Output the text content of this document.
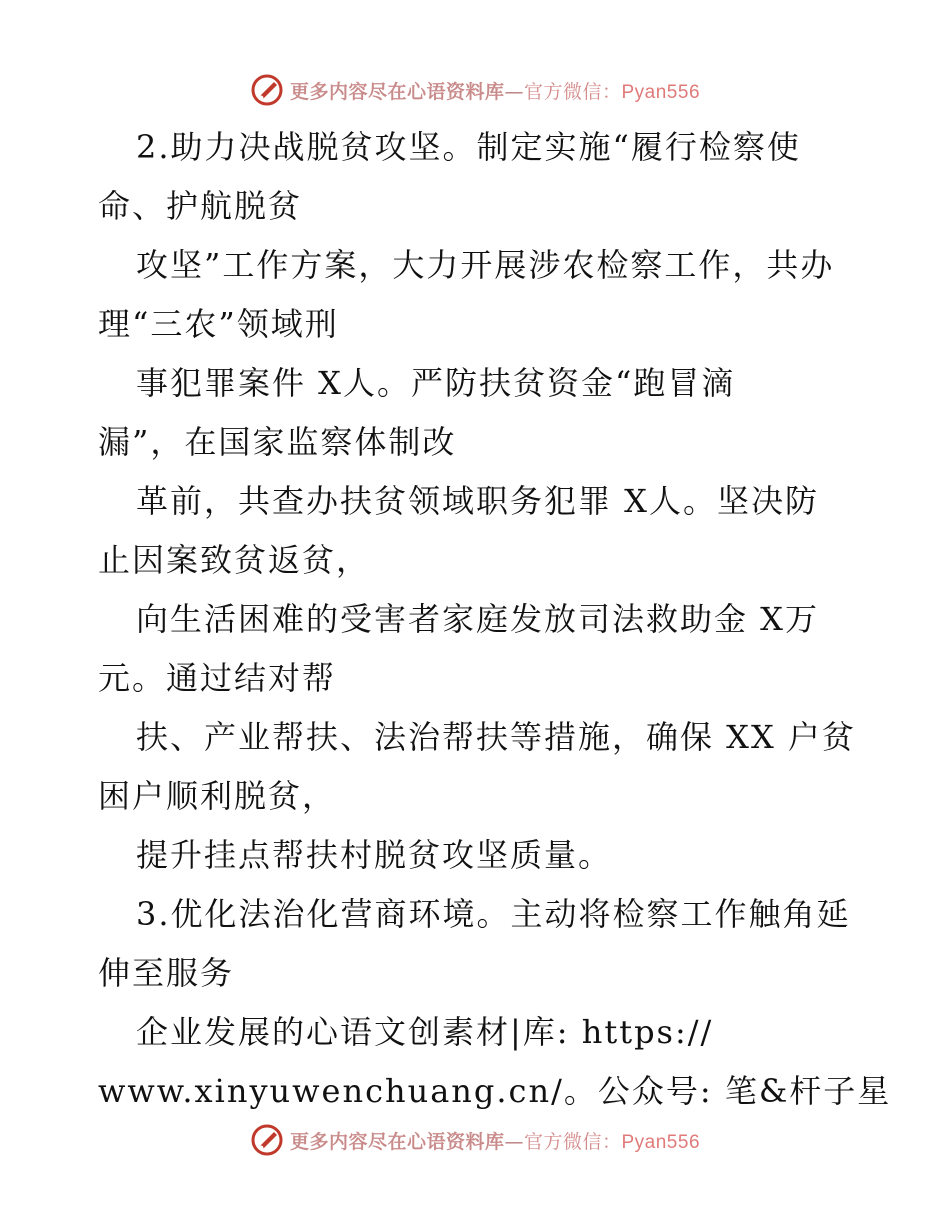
更多内容尽在心语资料库—官方微信：Pyan556
2.助力决战脱贫攻坚。制定实施“履行检察使
命、护航脱贫
攻坚”工作方案，大力开展涉农检察工作，共办
理“三农”领域刑
事犯罪案件 X人。严防扶贫资金“跑冒滴
漏”，在国家监察体制改
革前，共查办扶贫领域职务犯罪 X人。坚决防
止因案致贫返贫，
向生活困难的受害者家庭发放司法救助金 X万
元。通过结对帮
扶、产业帮扶、法治帮扶等措施，确保 XX 户贫
困户顺利脱贫，
提升挂点帮扶村脱贫攻坚质量。
3.优化法治化营商环境。主动将检察工作触角延
伸至服务
企业发展的心语文创素材|库: https://
www.xinyuwenchuang.cn/。公众号: 笔&杆子星
更多内容尽在心语资料库—官方微信：Pyan556
